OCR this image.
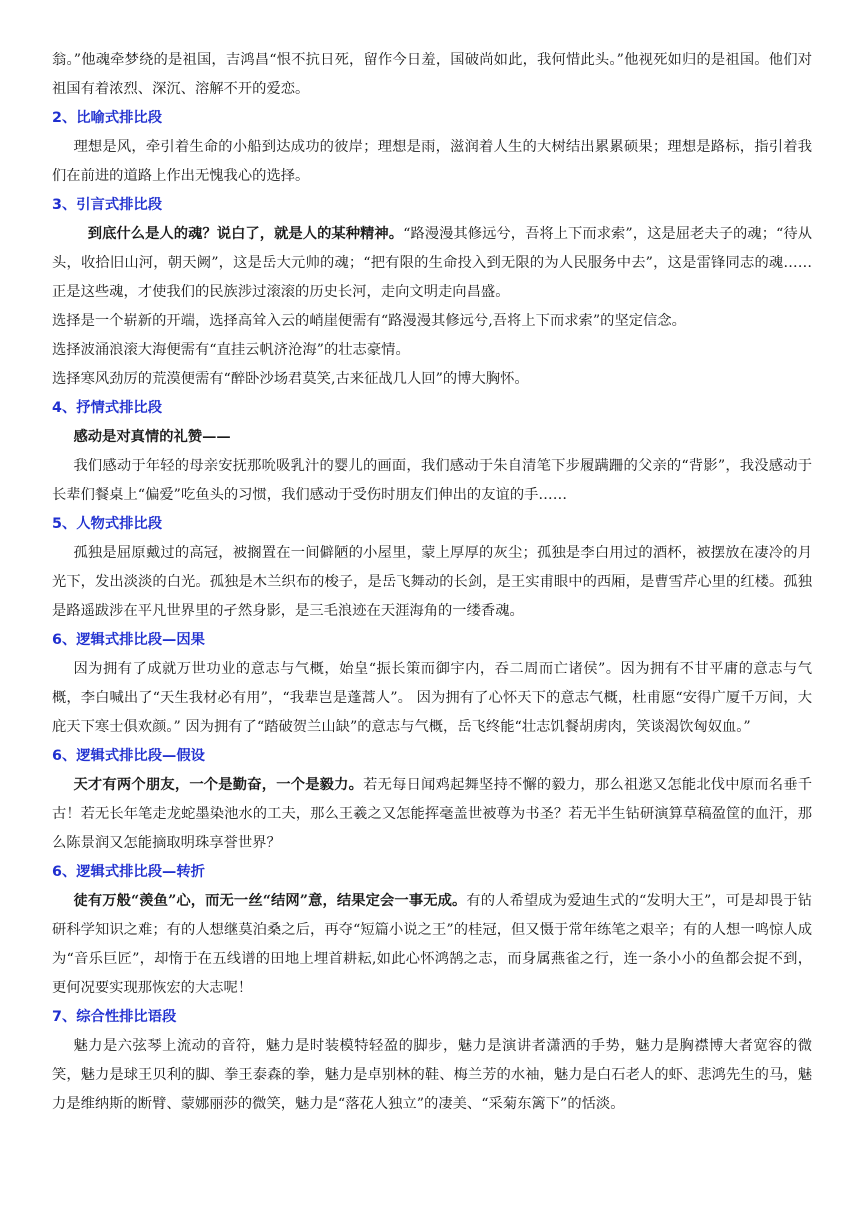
翁。”他魂牵梦绕的是祖国，吉鸿昌“恨不抗日死，留作今日羞，国破尚如此，我何惜此头。”他视死如归的是祖国。他们对祖国有着浓烈、深沉、溶解不开的爱恋。

2、比喻式排比段

理想是风，牵引着生命的小船到达成功的彼岸；理想是雨，滋润着人生的大树结出累累硕果；理想是路标，指引着我们在前进的道路上作出无愧我心的选择。

3、引言式排比段

到底什么是人的魂？说白了，就是人的某种精神。“路漫漫其修远兮，吾将上下而求索”，这是屈老夫子的魂；“待从头，收拾旧山河，朝天阙”，这是岳大元帅的魂；“把有限的生命投入到无限的为人民服务中去”，这是雷锋同志的魂……正是这些魂，才使我们的民族涉过滚滚的历史长河，走向文明走向昌盛。

选择是一个崭新的开端，选择高耸入云的峭崖便需有“路漫漫其修远兮,吾将上下而求索”的坚定信念。

选择波涌浪滚大海便需有“直挂云帆济沧海”的壮志豪情。

选择寒风劲厉的荒漠便需有“醉卧沙场君莫笑,古来征战几人回”的博大胸怀。

4、抒情式排比段

感动是对真情的礼赞——

我们感动于年轻的母亲安抚那吮吸乳汁的婴儿的画面，我们感动于朱自清笔下步履蹒跚的父亲的“背影”，我没感动于长辈们餐桌上“偏爱”吃鱼头的习惯，我们感动于受伤时朋友们伸出的友谊的手……

5、人物式排比段

孤独是屈原戴过的高冠，被搁置在一间僻陋的小屋里，蒙上厚厚的灰尘；孤独是李白用过的酒杯，被摆放在凄冷的月光下，发出淡淡的白光。孤独是木兰织布的梭子，是岳飞舞动的长剑，是王实甫眼中的西厢，是曹雪芹心里的红楼。孤独是路遥跋涉在平凡世界里的孑然身影，是三毛浪迹在天涯海角的一缕香魂。

6、逻辑式排比段—因果

因为拥有了成就万世功业的意志与气概，始皇“振长策而御宇内，吞二周而亡诸侯”。因为拥有不甘平庸的意志与气概，李白喊出了“天生我材必有用”，“我辈岂是蓬蒿人”。 因为拥有了心怀天下的意志气概，杜甫愿“安得广厦千万间，大庇天下寒士俱欢颜。” 因为拥有了“踏破贺兰山缺”的意志与气概，岳飞终能“壮志饥餐胡虏肉，笑谈渴饮匈奴血。”

6、逻辑式排比段—假设

天才有两个朋友，一个是勤奋，一个是毅力。若无每日闻鸡起舞坚持不懈的毅力，那么祖逖又怎能北伐中原而名垂千古！若无长年笔走龙蛇墨染池水的工夫，那么王羲之又怎能挥毫盖世被尊为书圣？若无半生钻研演算草稿盈筐的血汗，那么陈景润又怎能摘取明珠享誉世界？

6、逻辑式排比段—转折

徒有万般“羡鱼”心，而无一丝“结网”意，结果定会一事无成。有的人希望成为爱迪生式的“发明大王”，可是却畏于钻研科学知识之难；有的人想继莫泊桑之后，再夺“短篇小说之王”的桂冠，但又慑于常年练笔之艰辛；有的人想一鸣惊人成为“音乐巨匠”，却惰于在五线谱的田地上埋首耕耘,如此心怀鸿鹄之志，而身属燕雀之行，连一条小小的鱼都会捉不到，更何况要实现那恢宏的大志呢！

7、综合性排比语段

魅力是六弦琴上流动的音符，魅力是时装模特轻盈的脚步，魅力是演讲者潇洒的手势，魅力是胸襟博大者宽容的微笑，魅力是球王贝利的脚、拳王泰森的拳，魅力是卓别林的鞋、梅兰芳的水袖，魅力是白石老人的虾、悲鸿先生的马，魅力是维纳斯的断臂、蒙娜丽莎的微笑，魅力是“落花人独立”的凄美、“采菊东篱下”的恬淡。
